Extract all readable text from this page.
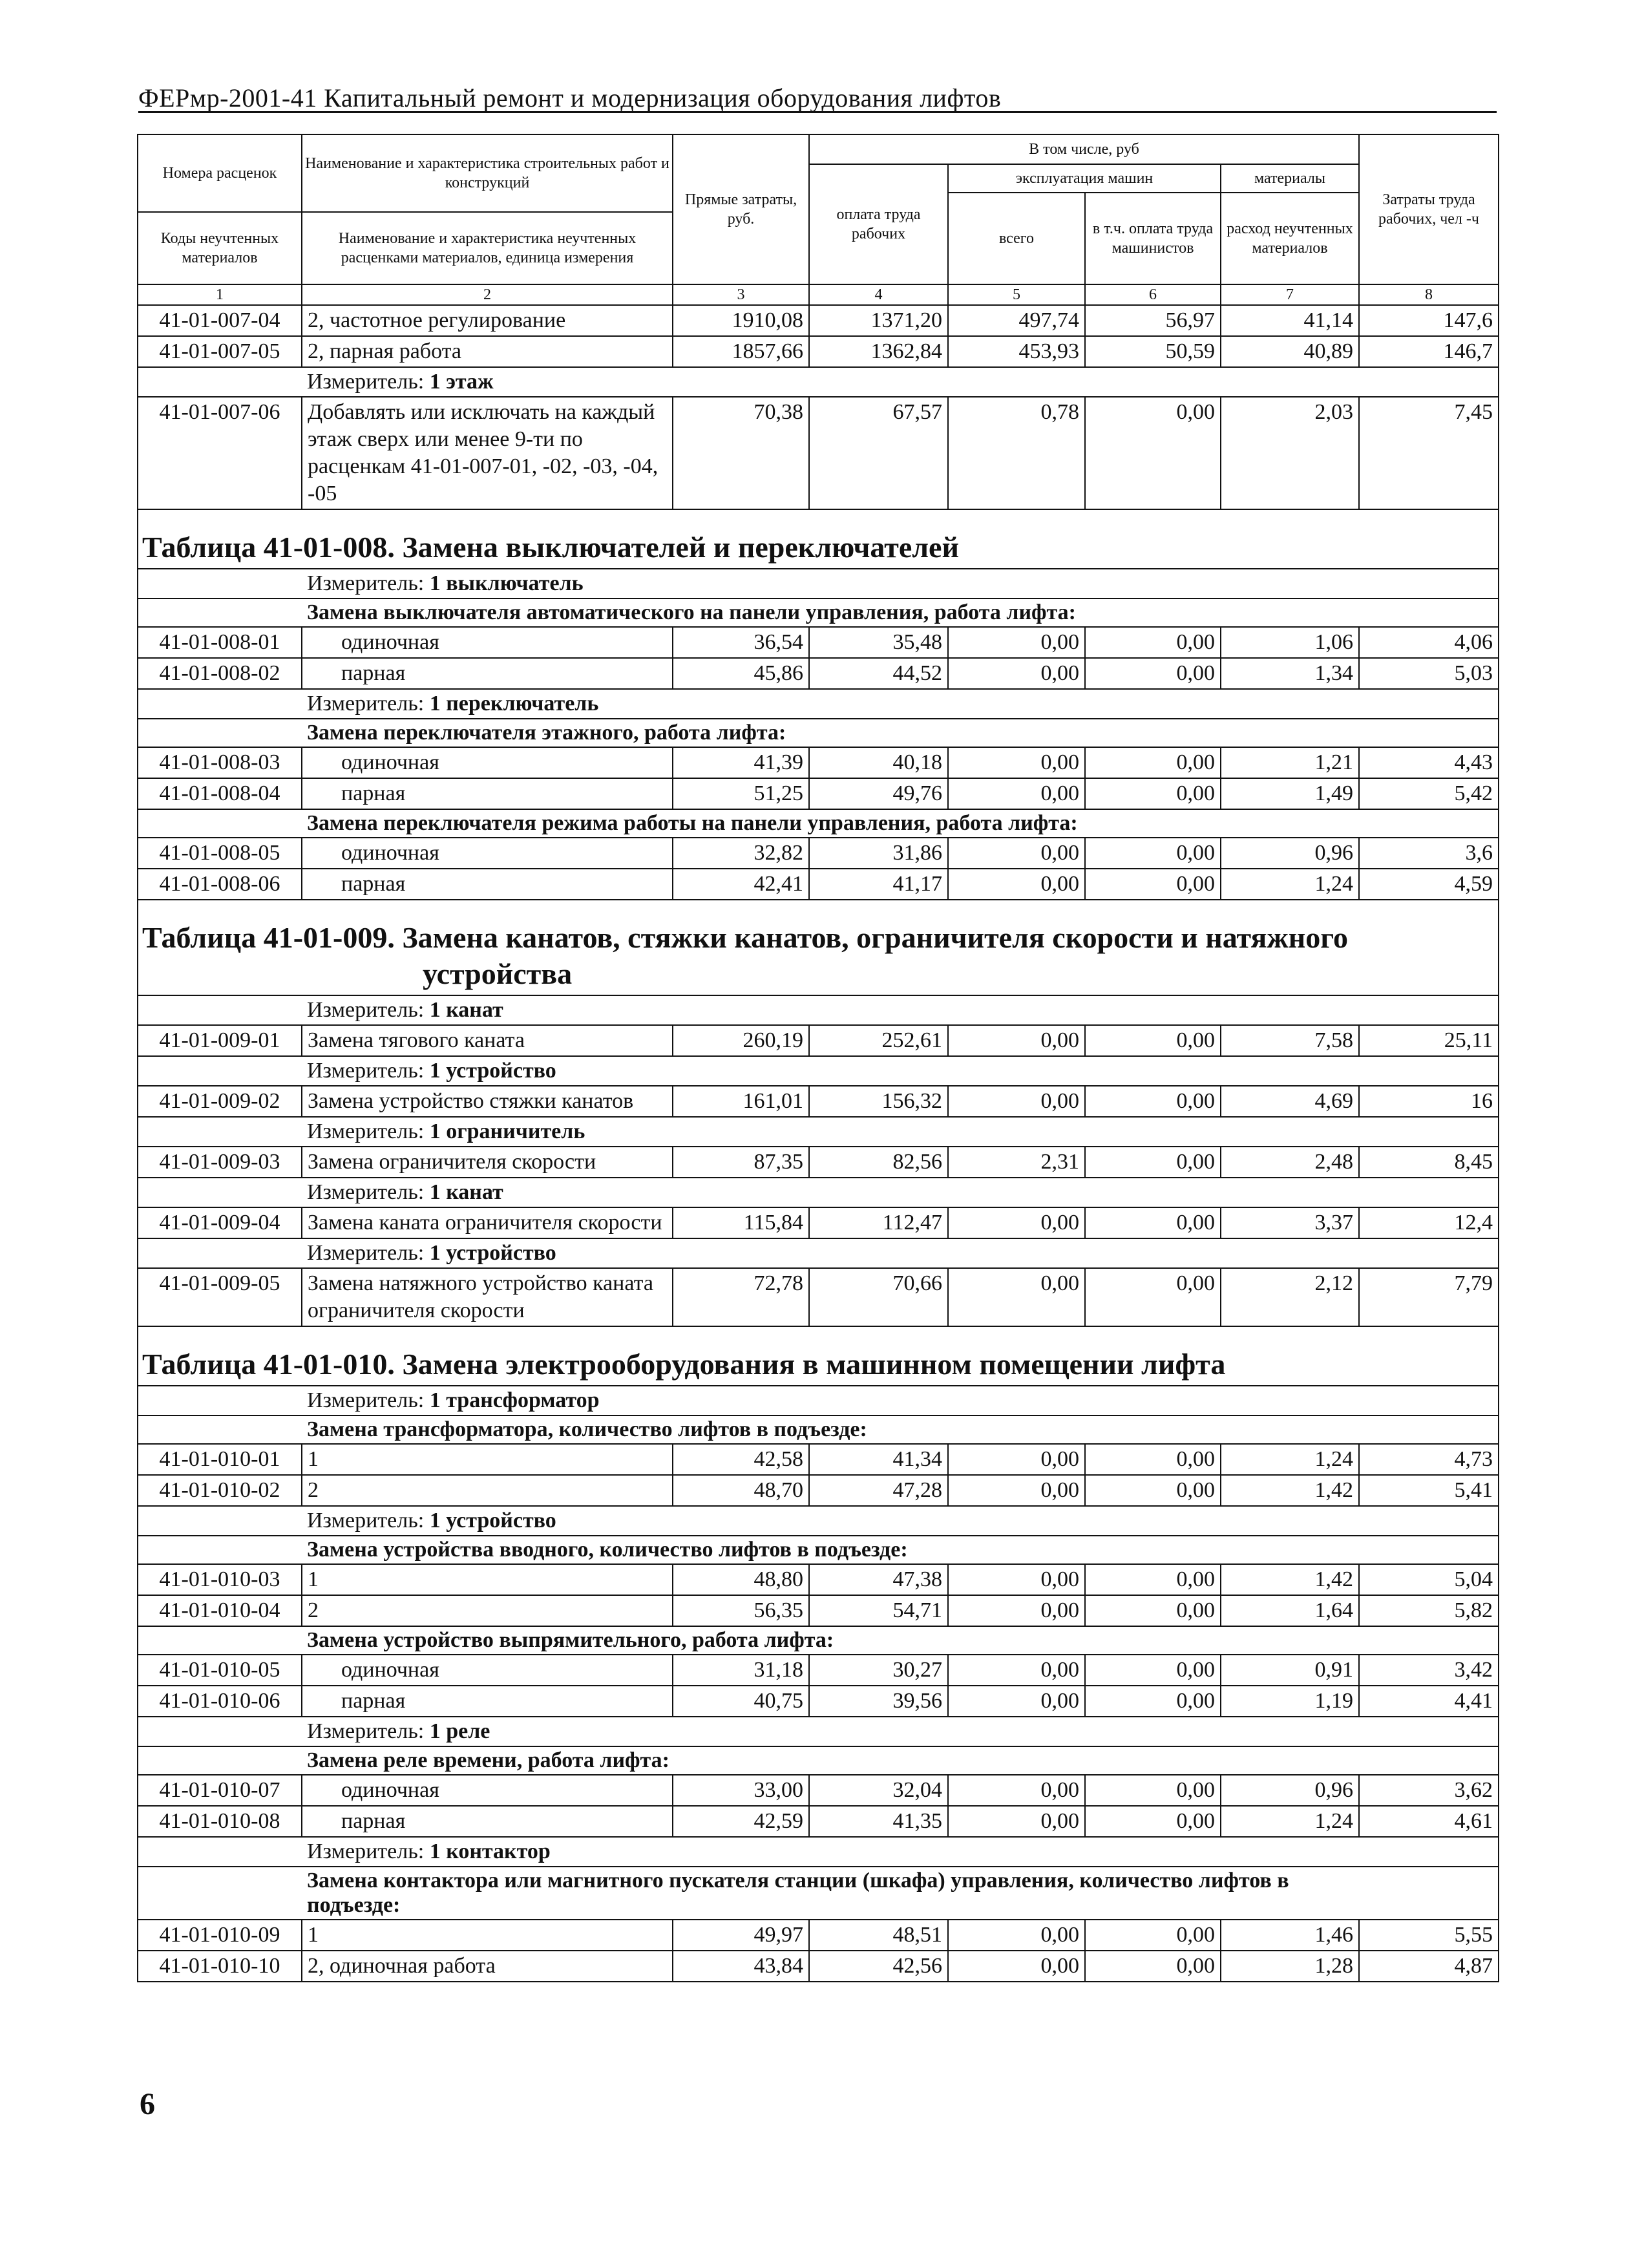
ФЕРмр-2001-41 Капитальный ремонт и модернизация оборудования лифтов
Номера расценок	Наименование и характеристика строительных работ и конструкций	Прямые затраты, руб.	В том числе, руб				Затраты труда рабочих, чел -ч
			оплата труда рабочих	эксплуатация машин		материалы	
				всего	в т.ч. оплата труда машинистов	расход неучтенных материалов	
Коды неучтенных материалов	Наименование и характеристика неучтенных расценками материалов, единица измерения						

1	2	3	4	5	6	7	8
41-01-007-04	2, частотное регулирование	1910,08	1371,20	497,74	56,97	41,14	147,6
41-01-007-05	2, парная работа	1857,66	1362,84	453,93	50,59	40,89	146,7
	Измеритель: 1 этаж						
41-01-007-06	Добавлять или исключать на каждый этаж сверх или менее 9-ти по расценкам 41-01-007-01, -02, -03, -04, -05	70,38	67,57	0,78	0,00	2,03	7,45
Таблица 41-01-008. Замена выключателей и переключателей							
	Измеритель: 1 выключатель						
	Замена выключателя автоматического на панели управления, работа лифта:						
41-01-008-01	одиночная	36,54	35,48	0,00	0,00	1,06	4,06
41-01-008-02	парная	45,86	44,52	0,00	0,00	1,34	5,03
	Измеритель: 1 переключатель						
	Замена переключателя этажного, работа лифта:						
41-01-008-03	одиночная	41,39	40,18	0,00	0,00	1,21	4,43
41-01-008-04	парная	51,25	49,76	0,00	0,00	1,49	5,42
	Замена переключателя режима работы на панели управления, работа лифта:						
41-01-008-05	одиночная	32,82	31,86	0,00	0,00	0,96	3,6
41-01-008-06	парная	42,41	41,17	0,00	0,00	1,24	4,59
Таблица 41-01-009. Замена канатов, стяжки канатов, ограничителя скорости и натяжного
устройства							

	Измеритель: 1 канат						
41-01-009-01	Замена тягового каната	260,19	252,61	0,00	0,00	7,58	25,11
	Измеритель: 1 устройство						
41-01-009-02	Замена устройство стяжки канатов	161,01	156,32	0,00	0,00	4,69	16
	Измеритель: 1 ограничитель						
41-01-009-03	Замена ограничителя скорости	87,35	82,56	2,31	0,00	2,48	8,45
	Измеритель: 1 канат						
41-01-009-04	Замена каната ограничителя скорости	115,84	112,47	0,00	0,00	3,37	12,4
	Измеритель: 1 устройство						
41-01-009-05	Замена натяжного устройство каната ограничителя скорости	72,78	70,66	0,00	0,00	2,12	7,79
Таблица 41-01-010. Замена электрооборудования в машинном помещении лифта							
	Измеритель: 1 трансформатор						
	Замена трансформатора, количество лифтов в подъезде:						
41-01-010-01	1	42,58	41,34	0,00	0,00	1,24	4,73
41-01-010-02	2	48,70	47,28	0,00	0,00	1,42	5,41
	Измеритель: 1 устройство						
	Замена устройства вводного, количество лифтов в подъезде:						
41-01-010-03	1	48,80	47,38	0,00	0,00	1,42	5,04
41-01-010-04	2	56,35	54,71	0,00	0,00	1,64	5,82
	Замена устройство выпрямительного, работа лифта:						
41-01-010-05	одиночная	31,18	30,27	0,00	0,00	0,91	3,42
41-01-010-06	парная	40,75	39,56	0,00	0,00	1,19	4,41
	Измеритель: 1 реле						
	Замена реле времени, работа лифта:						
41-01-010-07	одиночная	33,00	32,04	0,00	0,00	0,96	3,62
41-01-010-08	парная	42,59	41,35	0,00	0,00	1,24	4,61
	Измеритель: 1 контактор						
	Замена контактора или магнитного пускателя станции (шкафа) управления, количество лифтов в подъезде:						
41-01-010-09	1	49,97	48,51	0,00	0,00	1,46	5,55
41-01-010-10	2, одиночная работа	43,84	42,56	0,00	0,00	1,28	4,87
6
